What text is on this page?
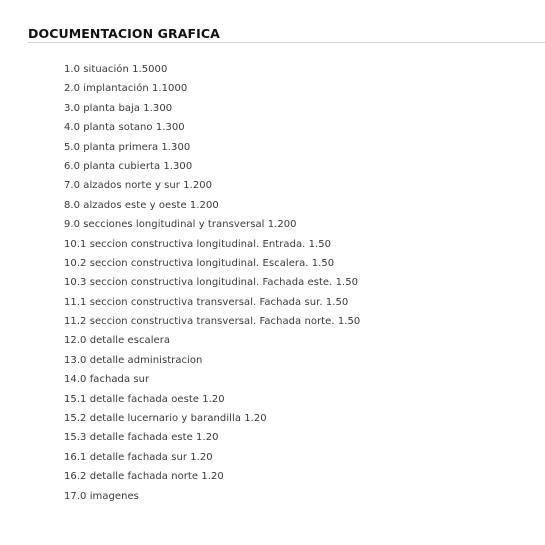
DOCUMENTACION GRAFICA
1.0 situación 1.5000
2.0 implantación 1.1000
3.0 planta baja 1.300
4.0 planta sotano 1.300
5.0 planta primera 1.300
6.0 planta cubierta 1.300
7.0 alzados norte y sur 1.200
8.0 alzados este y oeste 1.200
9.0 secciones longitudinal y transversal 1.200
10.1 seccion constructiva longitudinal. Entrada. 1.50
10.2 seccion constructiva longitudinal. Escalera. 1.50
10.3 seccion constructiva longitudinal. Fachada este. 1.50
11.1 seccion constructiva transversal. Fachada sur. 1.50
11.2 seccion constructiva transversal. Fachada norte. 1.50
12.0 detalle escalera
13.0 detalle administracion
14.0 fachada sur
15.1 detalle fachada oeste 1.20
15.2 detalle lucernario y barandilla 1.20
15.3 detalle fachada este 1.20
16.1 detalle fachada sur 1.20
16.2 detalle fachada norte 1.20
17.0 imagenes
